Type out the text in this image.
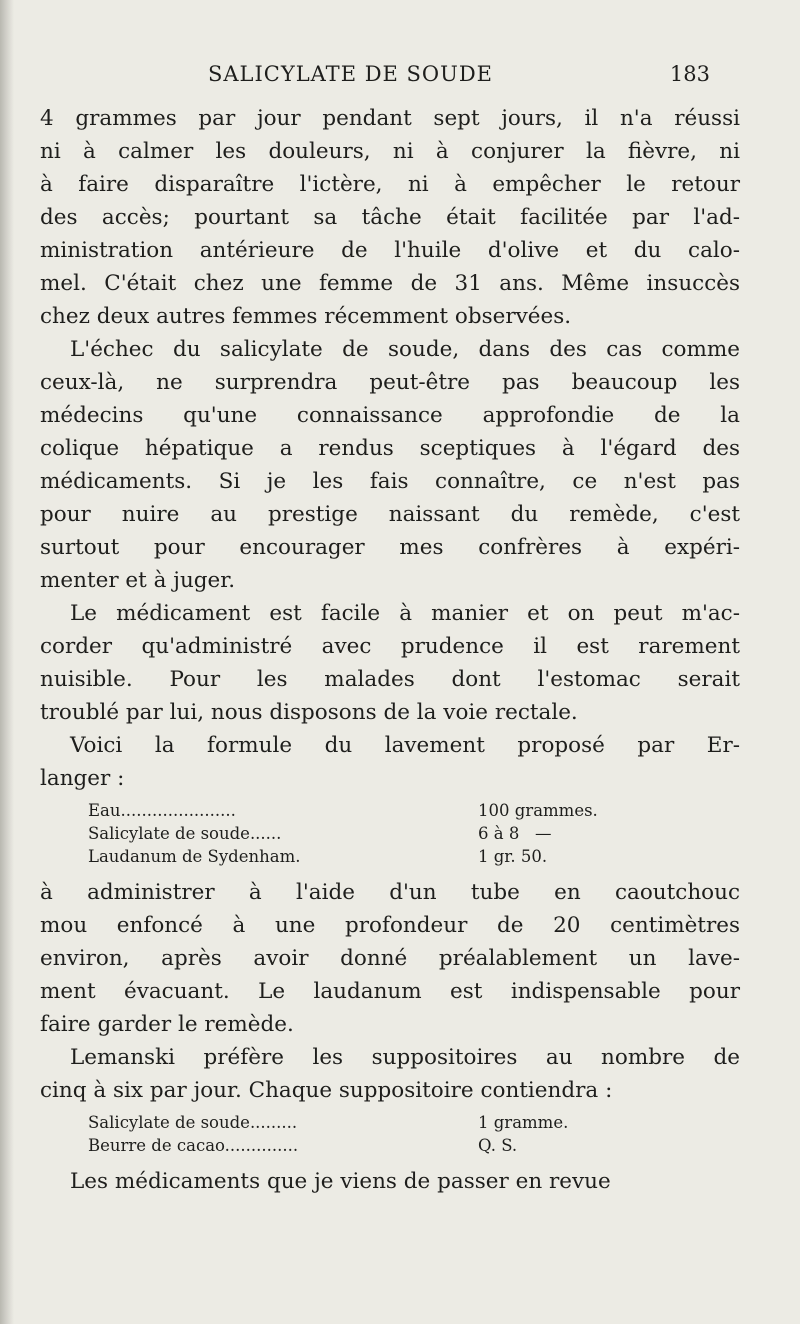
SALICYLATE DE SOUDE	183
4 grammes par jour pendant sept jours, il n'a réussi
ni à calmer les douleurs, ni à conjurer la fièvre, ni
à faire disparaître l'ictère, ni à empêcher le retour
des accès; pourtant sa tâche était facilitée par l'ad-
ministration antérieure de l'huile d'olive et du calo-
mel. C'était chez une femme de 31 ans. Même insuccès
chez deux autres femmes récemment observées.
L'échec du salicylate de soude, dans des cas comme
ceux-là, ne surprendra peut-être pas beaucoup les
médecins qu'une connaissance approfondie de la
colique hépatique a rendus sceptiques à l'égard des
médicaments. Si je les fais connaître, ce n'est pas
pour nuire au prestige naissant du remède, c'est
surtout pour encourager mes confrères à expéri-
menter et à juger.
Le médicament est facile à manier et on peut m'ac-
corder qu'administré avec prudence il est rarement
nuisible. Pour les malades dont l'estomac serait
troublé par lui, nous disposons de la voie rectale.
Voici la formule du lavement proposé par Er-
langer :
Eau......................	100 grammes.
Salicylate de soude......	6 à 8   —
Laudanum de Sydenham.	1 gr. 50.
à administrer à l'aide d'un tube en caoutchouc
mou enfoncé à une profondeur de 20 centimètres
environ, après avoir donné préalablement un lave-
ment évacuant. Le laudanum est indispensable pour
faire garder le remède.
Lemanski préfère les suppositoires au nombre de
cinq à six par jour. Chaque suppositoire contiendra :
Salicylate de soude.........	1 gramme.
Beurre de cacao..............	Q. S.
Les médicaments que je viens de passer en revue
